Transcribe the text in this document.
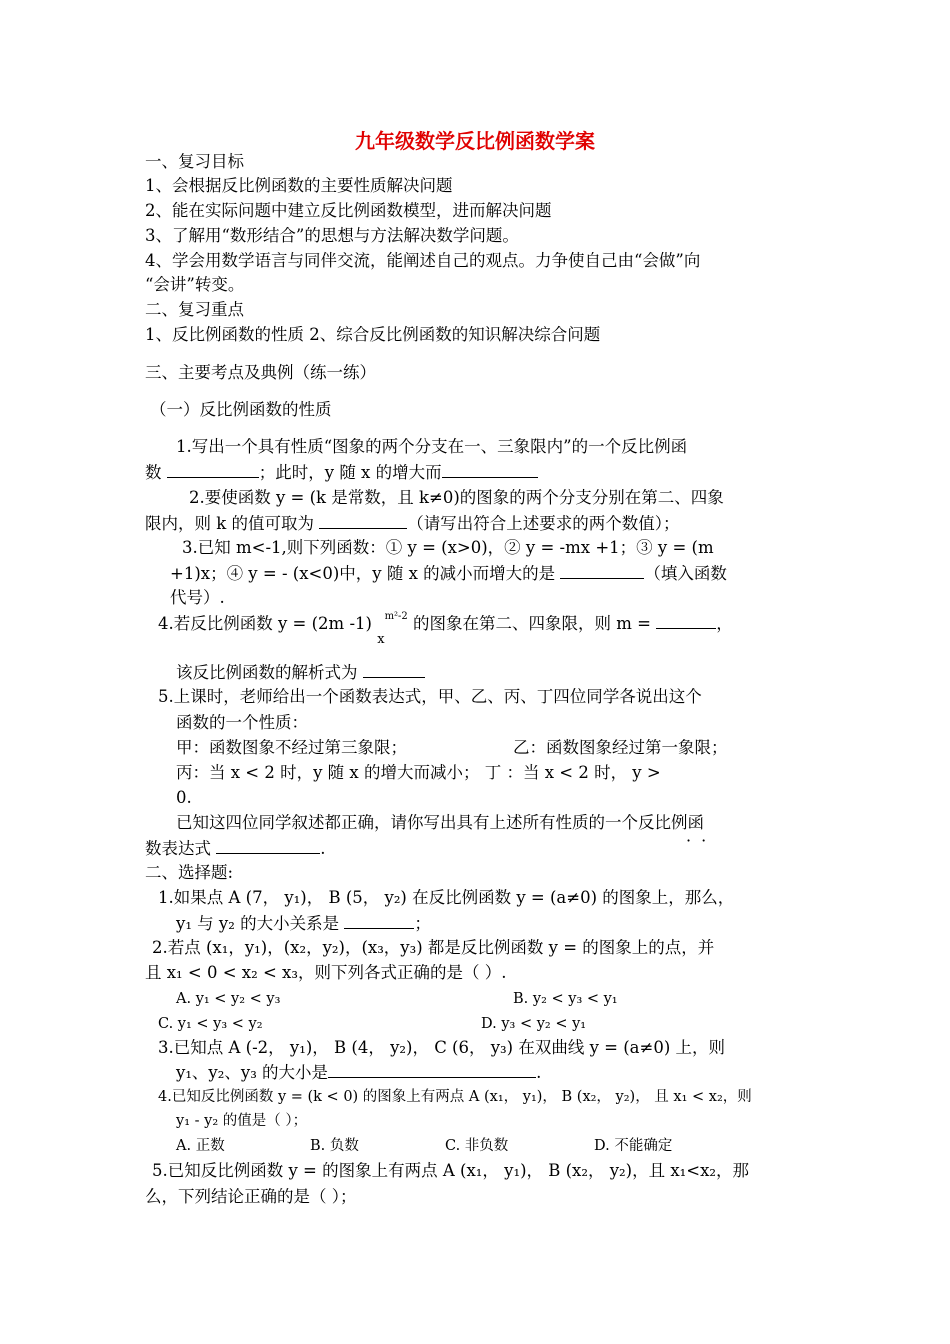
九年级数学反比例函数学案
一、复习目标
1、会根据反比例函数的主要性质解决问题
2、能在实际问题中建立反比例函数模型，进而解决问题
3、了解用“数形结合”的思想与方法解决数学问题。
4、学会用数学语言与同伴交流，能阐述自己的观点。力争使自己由“会做”向
“会讲”转变。
二、复习重点
1、反比例函数的性质 2、综合反比例函数的知识解决综合问题
三、主要考点及典例（练一练）
（一）反比例函数的性质
1.写出一个具有性质“图象的两个分支在一、三象限内”的一个反比例函
数	；此时，y 随 x 的增大而
2.要使函数 y = (k 是常数，且 k≠0)的图象的两个分支分别在第二、四象
限内，则 k 的值可取为	（请写出符合上述要求的两个数值）；
3.已知 m<-1,则下列函数：① y = (x>0)，② y = -mx +1；③ y = (m
+1)x；④ y = - (x<0)中，y 随 x 的减小而增大的是	（填入函数
代号）.
4.若反比例函数 y = (2m -1) $_x^{m^2-2}$ 的图象在第二、四象限，则 m =	，
该反比例函数的解析式为
5.上课时，老师给出一个函数表达式，甲、乙、丙、丁四位同学各说出这个
函数的一个性质：
甲：函数图象不经过第三象限；	乙：函数图象经过第一象限；
丙：当 x < 2 时，y 随 x 的增大而减小； 丁 ：当 x < 2 时， y >
0.
已知这四位同学叙述都正确，请你写出具有上述所有性质的一个反比例函
··
数表达式	.
二、选择题:
1.如果点 A (7， y₁)， B (5， y₂) 在反比例函数 y = (a≠0) 的图象上，那么，
y₁ 与 y₂ 的大小关系是	；
2.若点 (x₁，y₁)，(x₂，y₂)，(x₃，y₃) 都是反比例函数 y = 的图象上的点，并
且 x₁ < 0 < x₂ < x₃，则下列各式正确的是（ ）.
A. y₁ < y₂ < y₃	B. y₂ < y₃ < y₁
C. y₁ < y₃ < y₂	D. y₃ < y₂ < y₁
3.已知点 A (-2， y₁)， B (4， y₂)， C (6， y₃) 在双曲线 y = (a≠0) 上，则
y₁、y₂、y₃ 的大小是	.
4.已知反比例函数 y = (k < 0) 的图象上有两点 A (x₁， y₁)， B (x₂， y₂)， 且 x₁ < x₂，则
y₁ - y₂ 的值是（ ）；
A. 正数	B. 负数	C. 非负数	D. 不能确定
5.已知反比例函数 y = 的图象上有两点 A (x₁， y₁)， B (x₂， y₂)，且 x₁<x₂，那
么，下列结论正确的是（ ）；
